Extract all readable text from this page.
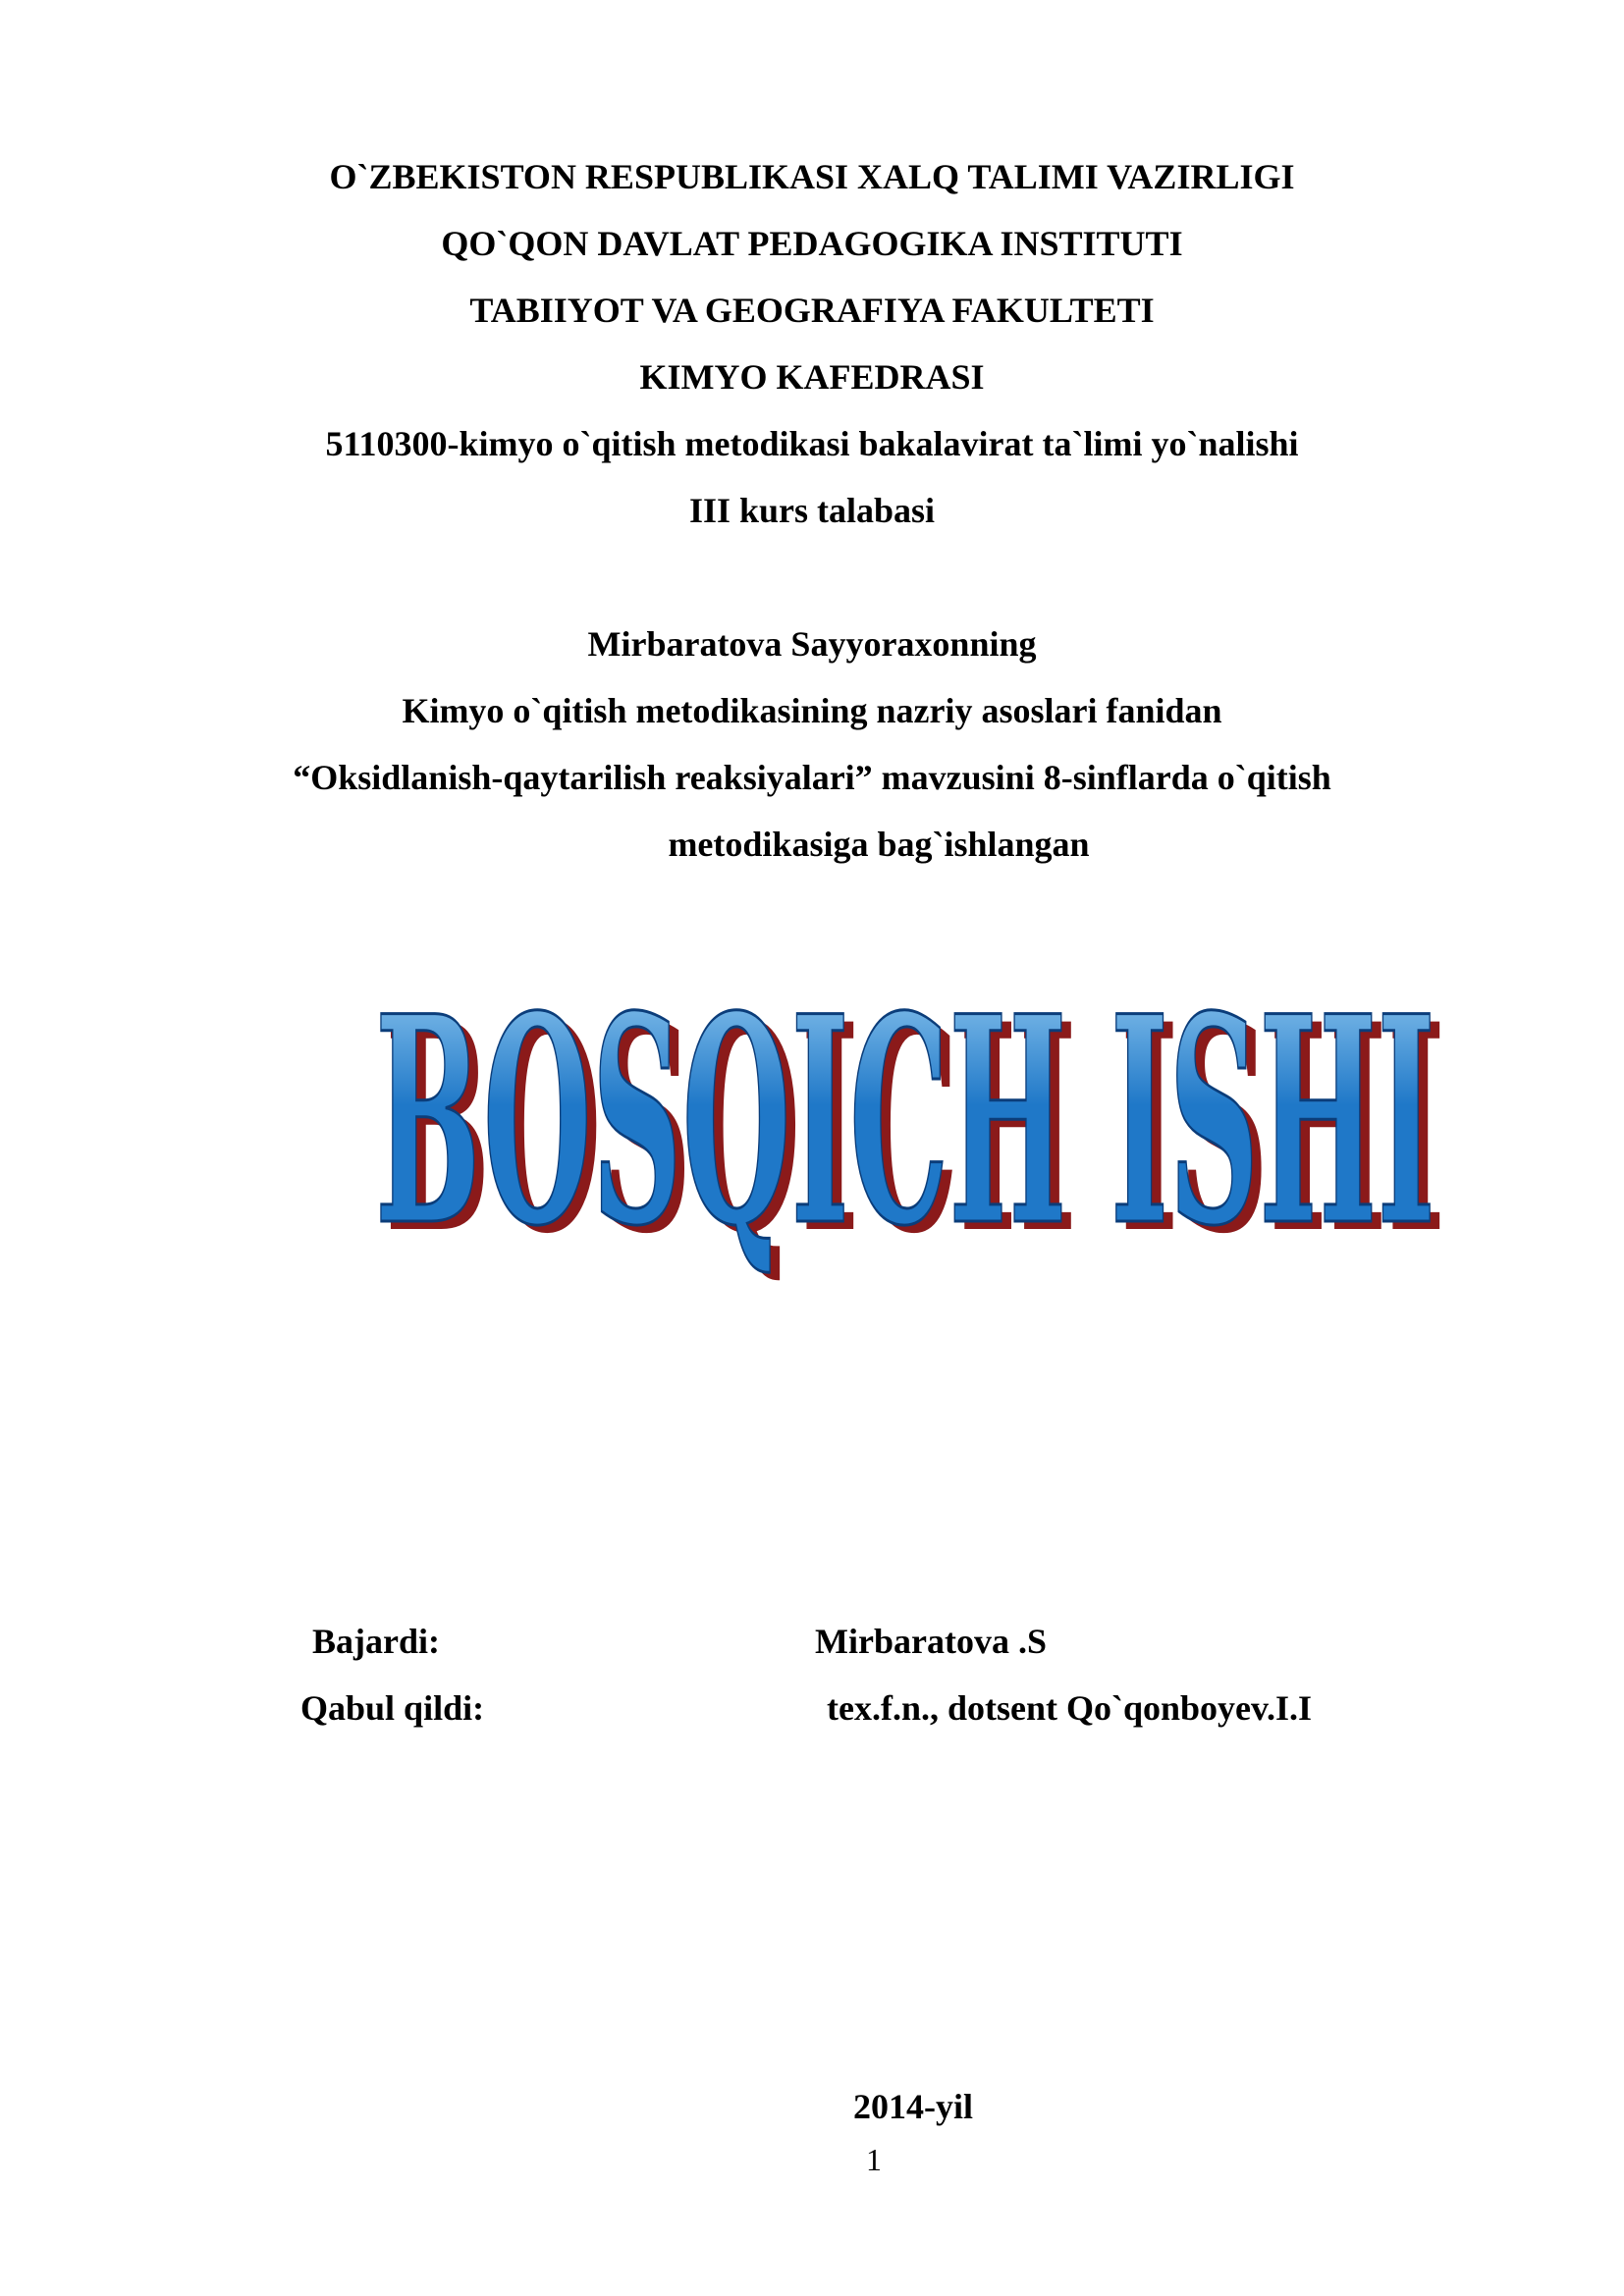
O`ZBEKISTON RESPUBLIKASI XALQ TALIMI VAZIRLIGI
QO`QON DAVLAT PEDAGOGIKA INSTITUTI
TABIIYOT VA GEOGRAFIYA FAKULTETI
KIMYO KAFEDRASI
5110300-kimyo o`qitish metodikasi bakalavirat ta`limi yo`nalishi
III kurs talabasi
Mirbaratova Sayyoraxonning
Kimyo o`qitish metodikasining nazriy asoslari fanidan
“Oksidlanish-qaytarilish reaksiyalari” mavzusini 8-sinflarda o`qitish
metodikasiga bag`ishlangan
BOSQICH ISHI
BOSQICH ISHI
Bajardi:	Mirbaratova .S
Qabul qildi:	tex.f.n., dotsent Qo`qonboyev.I.I
2014-yil
1
